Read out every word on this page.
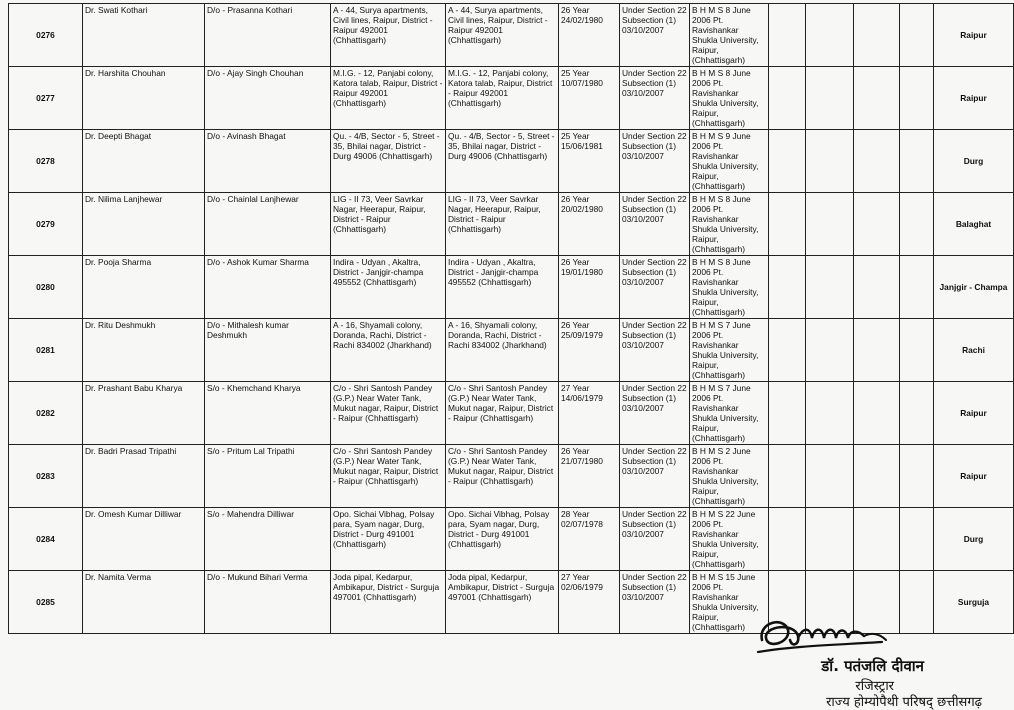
0276	Dr. Swati Kothari	D/o - Prasanna Kothari	A - 44, Surya apartments, Civil lines, Raipur, District - Raipur 492001 (Chhattisgarh)	A - 44, Surya apartments, Civil lines, Raipur, District - Raipur 492001 (Chhattisgarh)	26 Year 24/02/1980	Under Section 22 Subsection (1) 03/10/2007	B H M S 8 June 2006 Pt. Ravishankar Shukla University, Raipur, (Chhattisgarh)					Raipur
0277	Dr. Harshita Chouhan	D/o - Ajay Singh Chouhan	M.I.G. - 12, Panjabi colony, Katora talab, Raipur, District - Raipur 492001 (Chhattisgarh)	M.I.G. - 12, Panjabi colony, Katora talab, Raipur, District - Raipur 492001 (Chhattisgarh)	25 Year 10/07/1980	Under Section 22 Subsection (1) 03/10/2007	B H M S 8 June 2006 Pt. Ravishankar Shukla University, Raipur, (Chhattisgarh)					Raipur
0278	Dr. Deepti Bhagat	D/o - Avinash Bhagat	Qu. - 4/B, Sector - 5, Street - 35, Bhilai nagar, District - Durg 49006 (Chhattisgarh)	Qu. - 4/B, Sector - 5, Street - 35, Bhilai nagar, District - Durg 49006 (Chhattisgarh)	25 Year 15/06/1981	Under Section 22 Subsection (1) 03/10/2007	B H M S 9 June 2006 Pt. Ravishankar Shukla University, Raipur, (Chhattisgarh)					Durg
0279	Dr. Nilima Lanjhewar	D/o - Chainlal Lanjhewar	LIG - II 73, Veer Savrkar Nagar, Heerapur, Raipur, District - Raipur (Chhattisgarh)	LIG - II 73, Veer Savrkar Nagar, Heerapur, Raipur, District - Raipur (Chhattisgarh)	26 Year 20/02/1980	Under Section 22 Subsection (1) 03/10/2007	B H M S 8 June 2006 Pt. Ravishankar Shukla University, Raipur, (Chhattisgarh)					Balaghat
0280	Dr. Pooja Sharma	D/o - Ashok Kumar Sharma	Indira - Udyan , Akaltra, District - Janjgir-champa 495552 (Chhattisgarh)	Indira - Udyan , Akaltra, District - Janjgir-champa 495552 (Chhattisgarh)	26 Year 19/01/1980	Under Section 22 Subsection (1) 03/10/2007	B H M S 8 June 2006 Pt. Ravishankar Shukla University, Raipur, (Chhattisgarh)					Janjgir - Champa
0281	Dr. Ritu Deshmukh	D/o - Mithalesh kumar Deshmukh	A - 16, Shyamali colony, Doranda, Rachi, District - Rachi 834002 (Jharkhand)	A - 16, Shyamali colony, Doranda, Rachi, District - Rachi 834002 (Jharkhand)	26 Year 25/09/1979	Under Section 22 Subsection (1) 03/10/2007	B H M S 7 June 2006 Pt. Ravishankar Shukla University, Raipur, (Chhattisgarh)					Rachi
0282	Dr. Prashant Babu Kharya	S/o - Khemchand Kharya	C/o - Shri Santosh Pandey (G.P.) Near Water Tank, Mukut nagar, Raipur, District - Raipur (Chhattisgarh)	C/o - Shri Santosh Pandey (G.P.) Near Water Tank, Mukut nagar, Raipur, District - Raipur (Chhattisgarh)	27 Year 14/06/1979	Under Section 22 Subsection (1) 03/10/2007	B H M S 7 June 2006 Pt. Ravishankar Shukla University, Raipur, (Chhattisgarh)					Raipur
0283	Dr. Badri Prasad Tripathi	S/o - Pritum Lal Tripathi	C/o - Shri Santosh Pandey (G.P.) Near Water Tank, Mukut nagar, Raipur, District - Raipur (Chhattisgarh)	C/o - Shri Santosh Pandey (G.P.) Near Water Tank, Mukut nagar, Raipur, District - Raipur (Chhattisgarh)	26 Year 21/07/1980	Under Section 22 Subsection (1) 03/10/2007	B H M S 2 June 2006 Pt. Ravishankar Shukla University, Raipur, (Chhattisgarh)					Raipur
0284	Dr. Omesh Kumar Dilliwar	S/o - Mahendra Dilliwar	Opo. Sichai Vibhag, Polsay para, Syam nagar, Durg, District - Durg 491001 (Chhattisgarh)	Opo. Sichai Vibhag, Polsay para, Syam nagar, Durg, District - Durg 491001 (Chhattisgarh)	28 Year 02/07/1978	Under Section 22 Subsection (1) 03/10/2007	B H M S 22 June 2006 Pt. Ravishankar Shukla University, Raipur, (Chhattisgarh)					Durg
0285	Dr. Namita Verma	D/o - Mukund Bihari Verma	Joda pipal, Kedarpur, Ambikapur, District - Surguja 497001 (Chhattisgarh)	Joda pipal, Kedarpur, Ambikapur, District - Surguja 497001 (Chhattisgarh)	27 Year 02/06/1979	Under Section 22 Subsection (1) 03/10/2007	B H M S 15 June 2006 Pt. Ravishankar Shukla University, Raipur, (Chhattisgarh)					Surguja
डॉ. पतंजलि दीवान
रजिस्ट्रार
राज्य होम्योपैथी परिषद् छत्तीसगढ़
